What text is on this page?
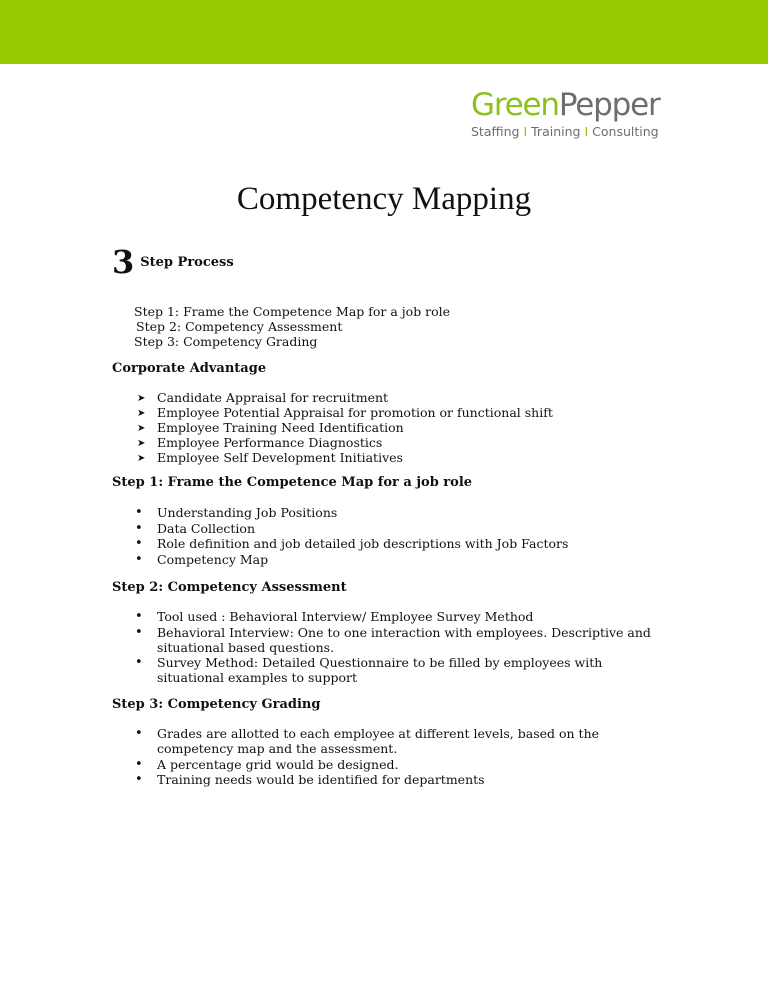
GreenPepper
Staffing I Training I Consulting
Competency Mapping
3 Step Process
Step 1: Frame the Competence Map for a job role
Step 2: Competency Assessment
Step 3: Competency Grading
Corporate Advantage
➤ Candidate Appraisal for recruitment
➤ Employee Potential Appraisal for promotion or functional shift
➤ Employee Training Need Identification
➤ Employee Performance Diagnostics
➤ Employee Self Development Initiatives
Step 1: Frame the Competence Map for a job role
• Understanding Job Positions
• Data Collection
• Role definition and job detailed job descriptions with Job Factors
• Competency Map
Step 2: Competency Assessment
• Tool used : Behavioral Interview/ Employee Survey Method
• Behavioral Interview: One to one interaction with employees. Descriptive and situational based questions.
• Survey Method: Detailed Questionnaire to be filled by employees with situational examples to support
Step 3: Competency Grading
• Grades are allotted to each employee at different levels, based on the competency map and the assessment.
• A percentage grid would be designed.
• Training needs would be identified for departments
